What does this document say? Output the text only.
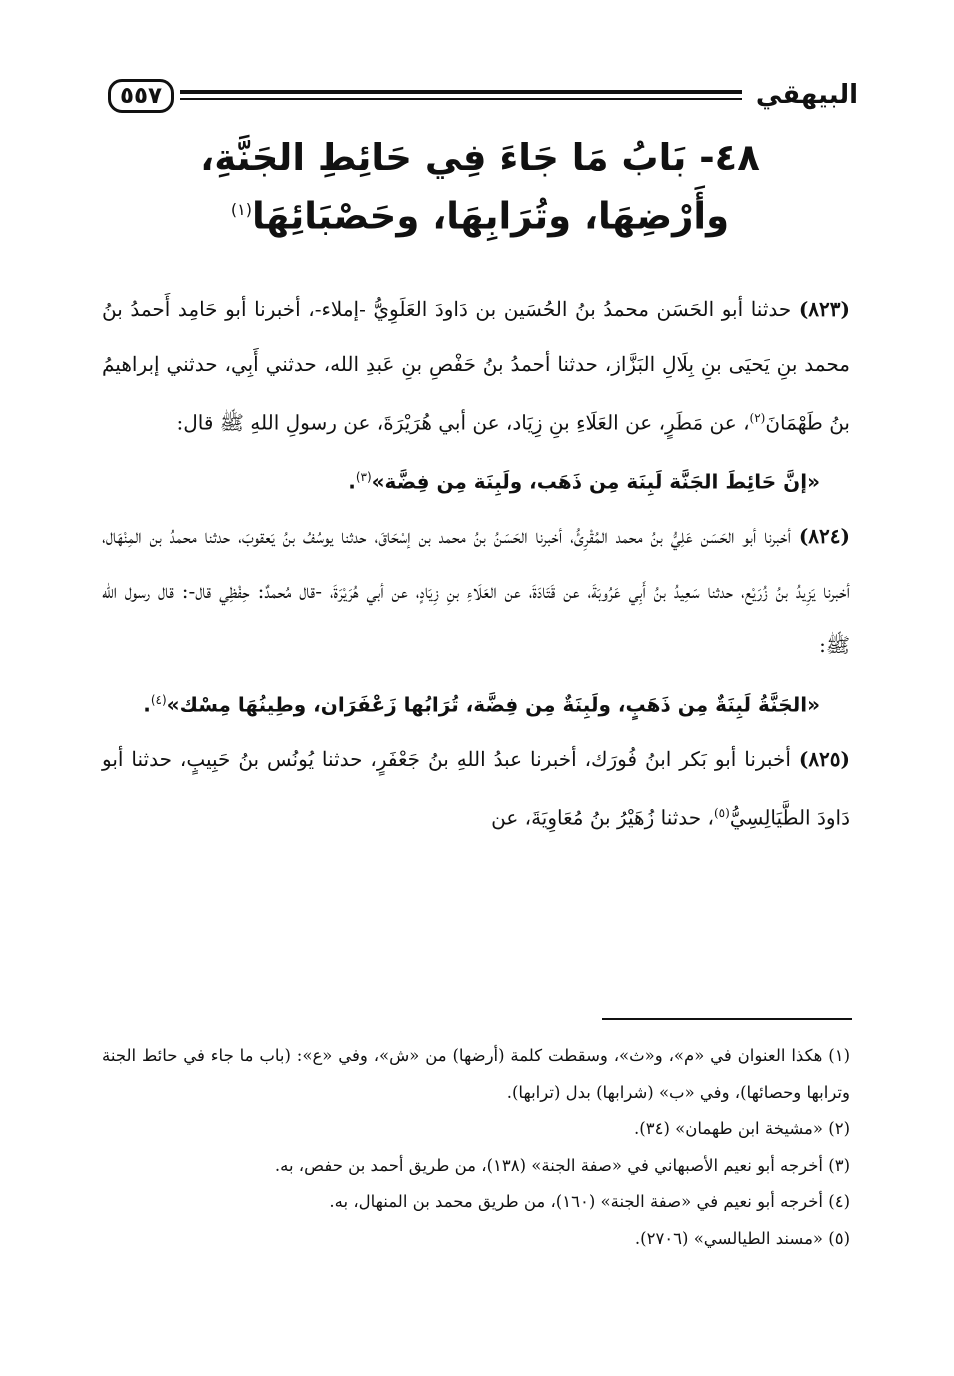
البيهقي
٥٥٧
٤٨- بَابُ مَا جَاءَ فِي حَائِطِ الجَنَّةِ،
وأَرْضِهَا، وتُرَابِهَا، وحَصْبَائِهَا$^{(١)}$

(٨٢٣) حدثنا أبو الحَسَن محمدُ بنُ الحُسَين بن دَاودَ العَلَوِيُّ -إملاء-، أخبرنا أبو حَامِد أَحمدُ بنُ محمد بنِ يَحيَى بنِ بِلَالِ البَزَّاز، حدثنا أحمدُ بنُ حَفْصِ بنِ عَبدِ الله، حدثني أَبِي، حدثني إبراهيمُ بنُ طَهْمَانَ$^{(٢)}$، عن مَطَرٍ، عن العَلَاءِ بنِ زِيَاد، عن أبي هُرَيْرَةَ، عن رسولِ اللهِ ﷺ قال:

«إنَّ حَائِطَ الجَنَّة لَبِنَة مِن ذَهَب، ولَبِنَة مِن فِضَّة»$^{(٣)}$.

(٨٢٤) أخبرنا أبو الحَسَن عَلِيُّ بنُ محمد المُقْرِئُ، أخبرنا الحَسَنُ بنُ محمد بن إسْحَاقَ، حدثنا يوسُفُ بنُ يَعقوبَ، حدثنا محمدُ بن المِنْهَال، أخبرنا يَزِيدُ بنُ زُرَيْع، حدثنا سَعِيدُ بنُ أَبِي عَرُوبَةَ، عن قَتَادَةَ، عن العَلَاءِ بنِ زِيَادٍ، عن أبي هُرَيْرَةَ، -قال مُحمدٌ: حِفْظِي قال-: قال رسول الله ﷺ:

«الجَنَّةُ لَبِنَةٌ مِن ذَهَبٍ، ولَبِنَةٌ مِن فِضَّة، تُرَابُها زَعْفَرَان، وطِينُهَا مِسْك»$^{(٤)}$.

(٨٢٥) أخبرنا أبو بَكر ابنُ فُورَك، أخبرنا عبدُ اللهِ بنُ جَعْفَرٍ، حدثنا يُونُس بنُ حَبِيبٍ، حدثنا أبو دَاودَ الطَّيَالِسِيُّ$^{(٥)}$، حدثنا زُهَيْرُ بنُ مُعَاوِيَةَ، عن

(١) هكذا العنوان في «م»، و«ث»، وسقطت كلمة (أرضها) من «ش»، وفي «ع»: (باب ما جاء في حائط الجنة وترابها وحصائها)، وفي «ب» (شرابها) بدل (ترابها).

(٢) «مشيخة ابن طهمان» (٣٤).

(٣) أخرجه أبو نعيم الأصبهاني في «صفة الجنة» (١٣٨)، من طريق أحمد بن حفص، به.

(٤) أخرجه أبو نعيم في «صفة الجنة» (١٦٠)، من طريق محمد بن المنهال، به.

(٥) «مسند الطيالسي» (٢٧٠٦).
